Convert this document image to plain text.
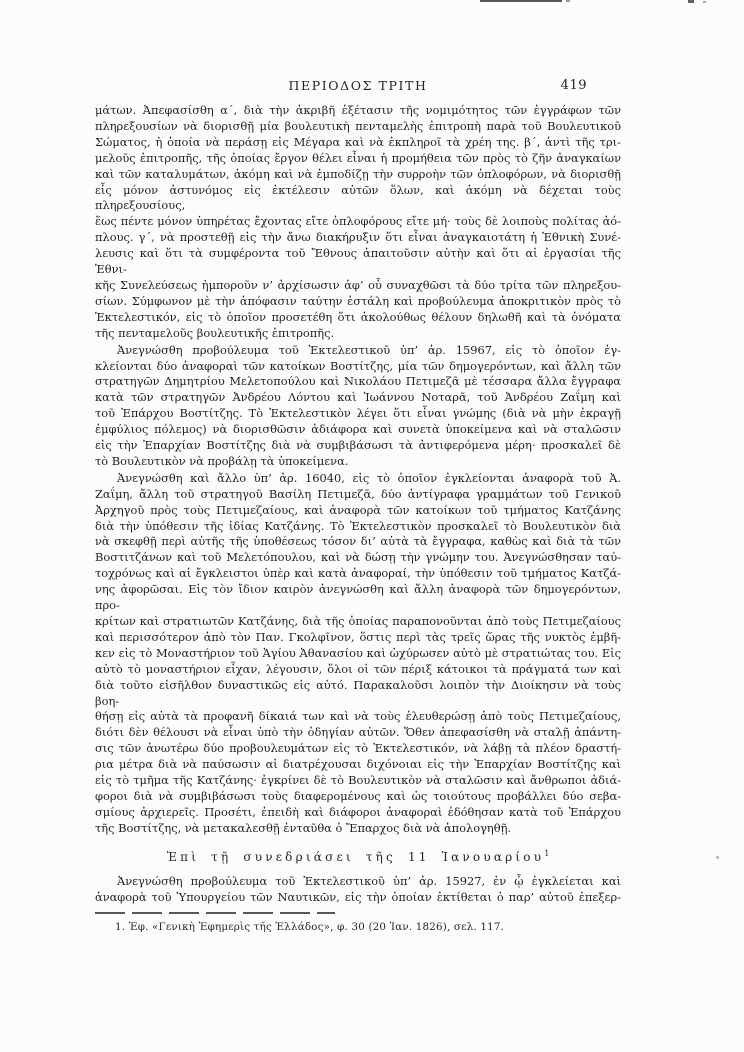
ΠΕΡΙΟΔΟΣ ΤΡΙΤΗ	419
μάτων. Ἀπεφασίσθη α΄, διὰ τὴν ἀκριβῆ ἐξέτασιν τῆς νομιμότητος τῶν ἐγγράφων τῶν
πληρεξουσίων νὰ διορισθῇ μία βουλευτικὴ πενταμελὴς ἐπιτροπὴ παρὰ τοῦ Βουλευτικοῦ
Σώματος, ἡ ὁποία νὰ περάσῃ εἰς Μέγαρα καὶ νὰ ἐκπληροῖ τὰ χρέη της. β΄, ἀντὶ τῆς τρι-
μελοῦς ἐπιτροπῆς, τῆς ὁποίας ἔργον θέλει εἶναι ἡ προμήθεια τῶν πρὸς τὸ ζῆν ἀναγκαίων
καὶ τῶν καταλυμάτων, ἀκόμη καὶ νὰ ἐμποδίζῃ τὴν συρροὴν τῶν ὁπλοφόρων, νὰ διορισθῇ
εἷς μόνον ἀστυνόμος εἰς ἐκτέλεσιν αὐτῶν ὅλων, καὶ ἀκόμη νὰ δέχεται τοὺς πληρεξουσίους,
ἕως πέντε μόνον ὑπηρέτας ἔχοντας εἴτε ὁπλοφόρους εἴτε μή· τοὺς δὲ λοιποὺς πολίτας ἀό-
πλους. γ΄, νὰ προστεθῇ εἰς τὴν ἄνω διακήρυξιν ὅτι εἶναι ἀναγκαιοτάτη ἡ Ἐθνικὴ Συνέ-
λευσις καὶ ὅτι τὰ συμφέροντα τοῦ Ἔθνους ἀπαιτοῦσιν αὐτὴν καὶ ὅτι αἱ ἐργασίαι τῆς Ἐθνι-
κῆς Συνελεύσεως ἠμποροῦν ν’ ἀρχίσωσιν ἀφ’ οὗ συναχθῶσι τὰ δύο τρίτα τῶν πληρεξου-
σίων. Σύμφωνον μὲ τὴν ἀπόφασιν ταύτην ἐστάλη καὶ προβούλευμα ἀποκριτικὸν πρὸς τὸ
Ἐκτελεστικόν, εἰς τὸ ὁποῖον προσετέθη ὅτι ἀκολούθως θέλουν δηλωθῆ καὶ τὰ ὀνόματα
τῆς πενταμελοῦς βουλευτικῆς ἐπιτροπῆς.
Ἀνεγνώσθη προβούλευμα τοῦ Ἐκτελεστικοῦ ὑπ’ ἀρ. 15967, εἰς τὸ ὁποῖον ἐγ-
κλείονται δύο ἀναφοραὶ τῶν κατοίκων Βοστίτζης, μία τῶν δημογερόντων, καὶ ἄλλη τῶν
στρατηγῶν Δημητρίου Μελετοπούλου καὶ Νικολάου Πετιμεζᾶ μὲ τέσσαρα ἄλλα ἔγγραφα
κατὰ τῶν στρατηγῶν Ἀνδρέου Λόντου καὶ Ἰωάννου Νοταρᾶ, τοῦ Ἀνδρέου Ζαΐμη καὶ
τοῦ Ἐπάρχου Βοστίτζης. Τὸ Ἐκτελεστικὸν λέγει ὅτι εἶναι γνώμης (διὰ νὰ μὴν ἐκραγῇ
ἐμφύλιος πόλεμος) νὰ διορισθῶσιν ἀδιάφορα καὶ συνετὰ ὑποκείμενα καὶ νὰ σταλῶσιν
εἰς τὴν Ἐπαρχίαν Βοστίτζης διὰ νὰ συμβιβάσωσι τὰ ἀντιφερόμενα μέρη· προσκαλεῖ δὲ
τὸ Βουλευτικὸν νὰ προβάλῃ τὰ ὑποκείμενα.
Ἀνεγνώσθη καὶ ἄλλο ὑπ’ ἀρ. 16040, εἰς τὸ ὁποῖον ἐγκλείονται ἀναφορὰ τοῦ Ἀ.
Ζαΐμη, ἄλλη τοῦ στρατηγοῦ Βασίλη Πετιμεζᾶ, δύο ἀντίγραφα γραμμάτων τοῦ Γενικοῦ
Ἀρχηγοῦ πρὸς τοὺς Πετιμεζαίους, καὶ ἀναφορὰ τῶν κατοίκων τοῦ τμήματος Κατζάνης
διὰ τὴν ὑπόθεσιν τῆς ἰδίας Κατζάνης. Τὸ Ἐκτελεστικὸν προσκαλεῖ τὸ Βουλευτικὸν διὰ
νὰ σκεφθῇ περὶ αὐτῆς τῆς ὑποθέσεως τόσον δι’ αὐτὰ τὰ ἔγγραφα, καθὼς καὶ διὰ τὰ τῶν
Βοστιτζάνων καὶ τοῦ Μελετόπουλου, καὶ νὰ δώσῃ τὴν γνώμην του. Ἀνεγνώσθησαν ταύ-
τοχρόνως καὶ αἱ ἔγκλειστοι ὑπὲρ καὶ κατὰ ἀναφοραί, τὴν ὑπόθεσιν τοῦ τμήματος Κατζά-
νης ἀφορῶσαι. Εἰς τὸν ἴδιον καιρὸν ἀνεγνώσθη καὶ ἄλλη ἀναφορὰ τῶν δημογερόντων, προ-
κρίτων καὶ στρατιωτῶν Κατζάνης, διὰ τῆς ὁποίας παραπονοῦνται ἀπὸ τοὺς Πετιμεζαίους
καὶ περισσότερον ἀπὸ τὸν Παν. Γκολφῖνον, ὅστις περὶ τὰς τρεῖς ὥρας τῆς νυκτὸς ἐμβῆ-
κεν εἰς τὸ Μοναστήριον τοῦ Ἁγίου Ἀθανασίου καὶ ὠχύρωσεν αὐτὸ μὲ στρατιώτας του. Εἰς
αὐτὸ τὸ μοναστήριον εἶχαν, λέγουσιν, ὅλοι οἱ τῶν πέριξ κάτοικοι τὰ πράγματά των καὶ
διὰ τοῦτο εἰσῆλθον δυναστικῶς εἰς αὐτό. Παρακαλοῦσι λοιπὸν τὴν Διοίκησιν νὰ τοὺς βοη-
θήσῃ εἰς αὐτὰ τὰ προφανῆ δίκαιά των καὶ νὰ τοὺς ἐλευθερώσῃ ἀπὸ τοὺς Πετιμεζαίους,
διότι δὲν θέλουσι νὰ εἶναι ὑπὸ τὴν ὁδηγίαν αὐτῶν. Ὅθεν ἀπεφασίσθη νὰ σταλῇ ἀπάντη-
σις τῶν ἀνωτέρω δύο προβουλευμάτων εἰς τὸ Ἐκτελεστικόν, νὰ λάβῃ τὰ πλέον δραστή-
ρια μέτρα διὰ νὰ παύσωσιν αἱ διατρέχουσαι διχόνοιαι εἰς τὴν Ἐπαρχίαν Βοστίτζης καὶ
εἰς τὸ τμῆμα τῆς Κατζάνης· ἐγκρίνει δὲ τὸ Βουλευτικὸν νὰ σταλῶσιν καὶ ἄνθρωποι ἀδιά-
φοροι διὰ νὰ συμβιβάσωσι τοὺς διαφερομένους καὶ ὡς τοιούτους προβάλλει δύο σεβα-
σμίους ἀρχιερεῖς. Προσέτι, ἐπειδὴ καὶ διάφοροι ἀναφοραὶ ἐδόθησαν κατὰ τοῦ Ἐπάρχου
τῆς Βοστίτζης, νὰ μετακαλεσθῇ ἐνταῦθα ὁ Ἔπαρχος διὰ νὰ ἀπολογηθῇ.
Ἐπὶ τῇ συνεδριάσει τῆς 11 Ἰανουαρίου$^1$
Ἀνεγνώσθη προβούλευμα τοῦ Ἐκτελεστικοῦ ὑπ’ ἀρ. 15927, ἐν ᾧ ἐγκλείεται καὶ
ἀναφορὰ τοῦ Ὑπουργείου τῶν Ναυτικῶν, εἰς τὴν ὁποίαν ἐκτίθεται ὁ παρ’ αὐτοῦ ἐπεξερ-
1. Ἐφ. «Γενικὴ Ἐφημερὶς τῆς Ἑλλάδος», φ. 30 (20 Ἰαν. 1826), σελ. 117.
